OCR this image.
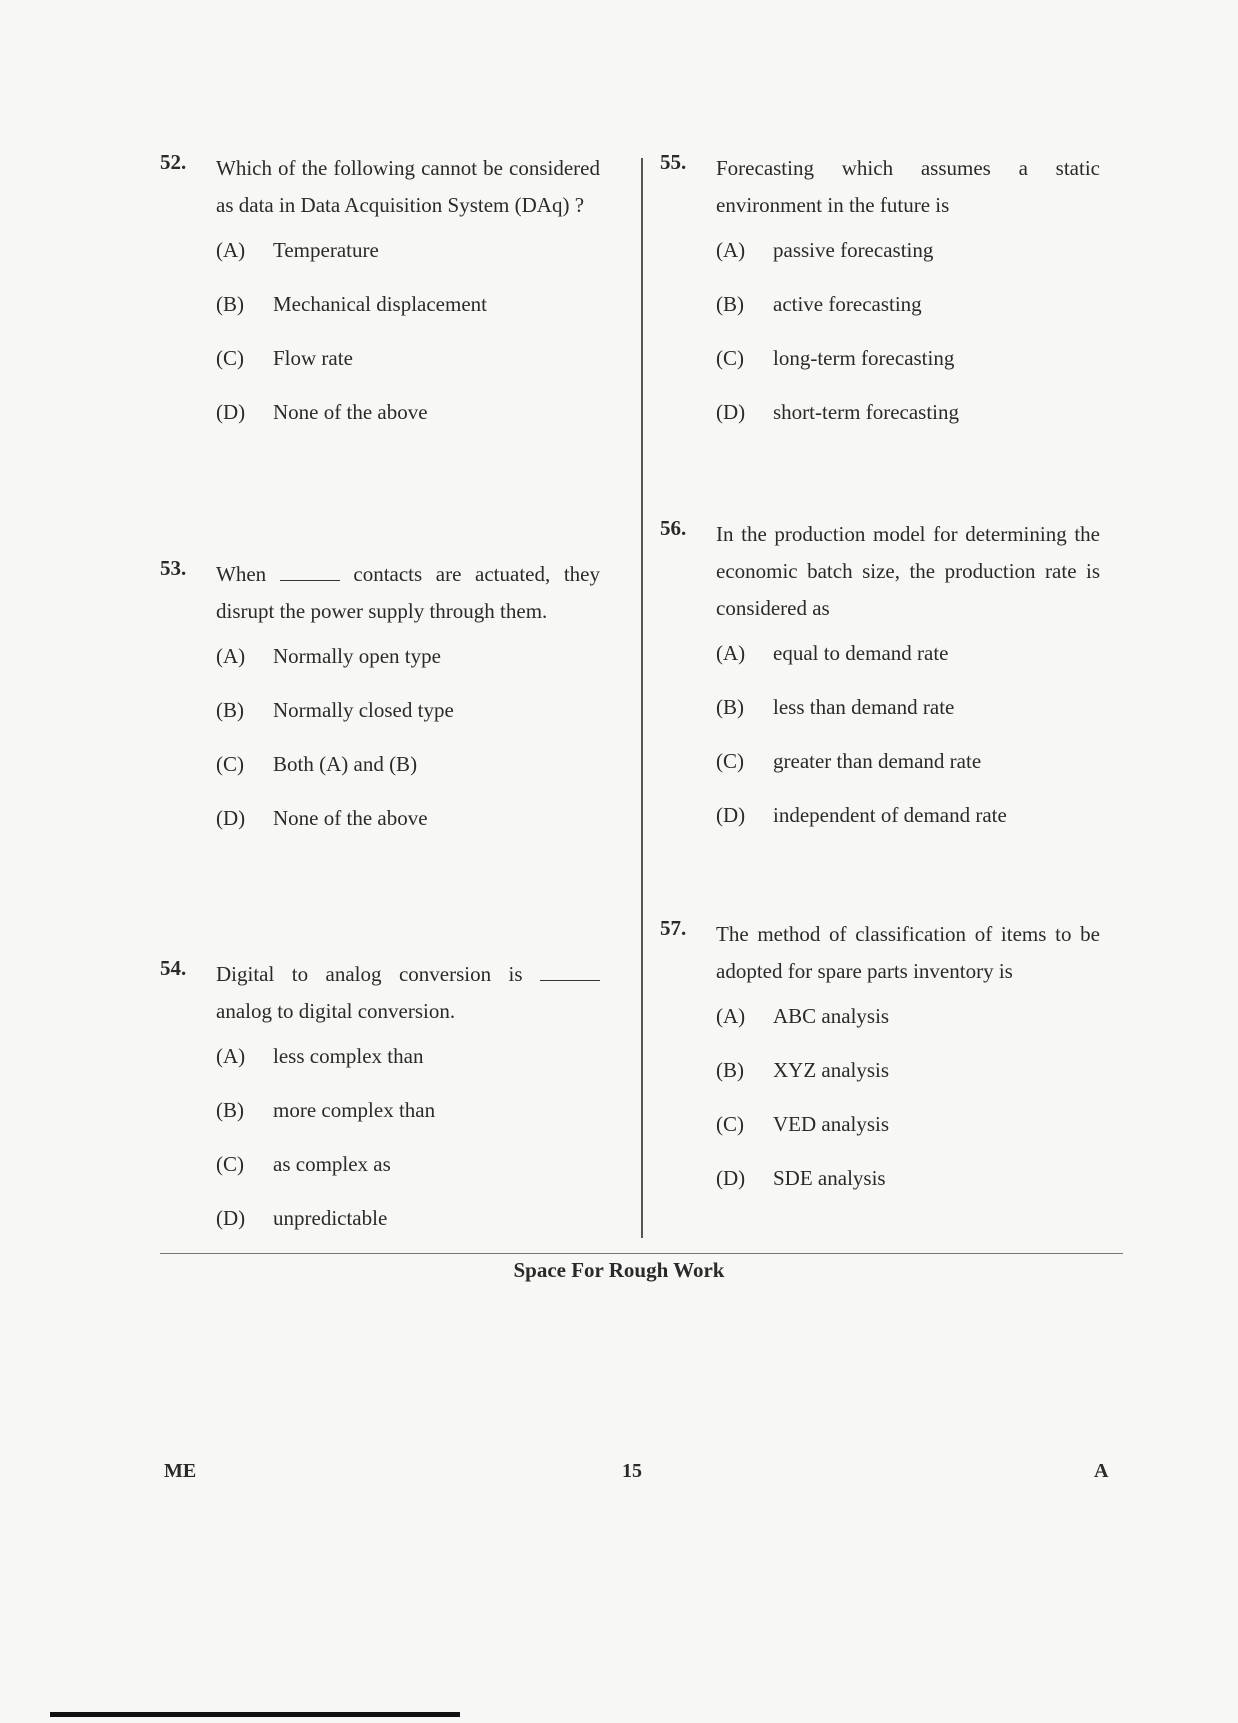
52. Which of the following cannot be considered as data in Data Acquisition System (DAq) ?
(A) Temperature
(B) Mechanical displacement
(C) Flow rate
(D) None of the above
53. When	contacts are actuated, they disrupt the power supply through them.
(A) Normally open type
(B) Normally closed type
(C) Both (A) and (B)
(D) None of the above
54. Digital to analog conversion is  analog to digital conversion.
(A) less complex than
(B) more complex than
(C) as complex as
(D) unpredictable
55. Forecasting which assumes a static environment in the future is
(A) passive forecasting
(B) active forecasting
(C) long-term forecasting
(D) short-term forecasting
56. In the production model for determining the economic batch size, the production rate is considered as
(A) equal to demand rate
(B) less than demand rate
(C) greater than demand rate
(D) independent of demand rate
57. The method of classification of items to be adopted for spare parts inventory is
(A) ABC analysis
(B) XYZ analysis
(C) VED analysis
(D) SDE analysis
Space For Rough Work
ME	15	A
